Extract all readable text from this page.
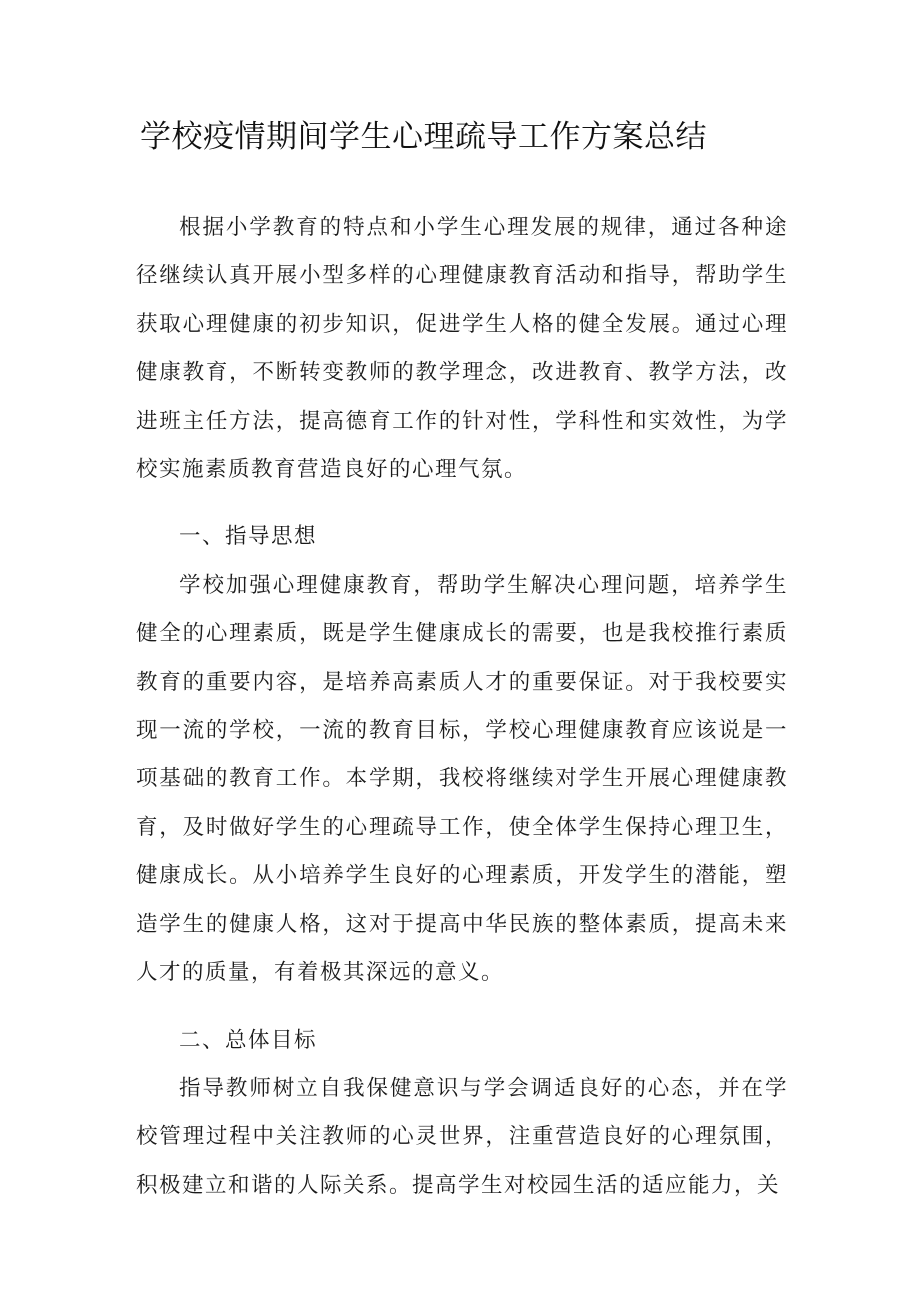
学校疫情期间学生心理疏导工作方案总结

根据小学教育的特点和小学生心理发展的规律，通过各种途径继续认真开展小型多样的心理健康教育活动和指导，帮助学生获取心理健康的初步知识，促进学生人格的健全发展。通过心理健康教育，不断转变教师的教学理念，改进教育、教学方法，改进班主任方法，提高德育工作的针对性，学科性和实效性，为学校实施素质教育营造良好的心理气氛。

一、指导思想

学校加强心理健康教育，帮助学生解决心理问题，培养学生健全的心理素质，既是学生健康成长的需要，也是我校推行素质教育的重要内容，是培养高素质人才的重要保证。对于我校要实现一流的学校，一流的教育目标，学校心理健康教育应该说是一项基础的教育工作。本学期，我校将继续对学生开展心理健康教育，及时做好学生的心理疏导工作，使全体学生保持心理卫生，健康成长。从小培养学生良好的心理素质，开发学生的潜能，塑造学生的健康人格，这对于提高中华民族的整体素质，提高未来人才的质量，有着极其深远的意义。

二、总体目标

指导教师树立自我保健意识与学会调适良好的心态，并在学校管理过程中关注教师的心灵世界，注重营造良好的心理氛围，积极建立和谐的人际关系。提高学生对校园生活的适应能力，关
